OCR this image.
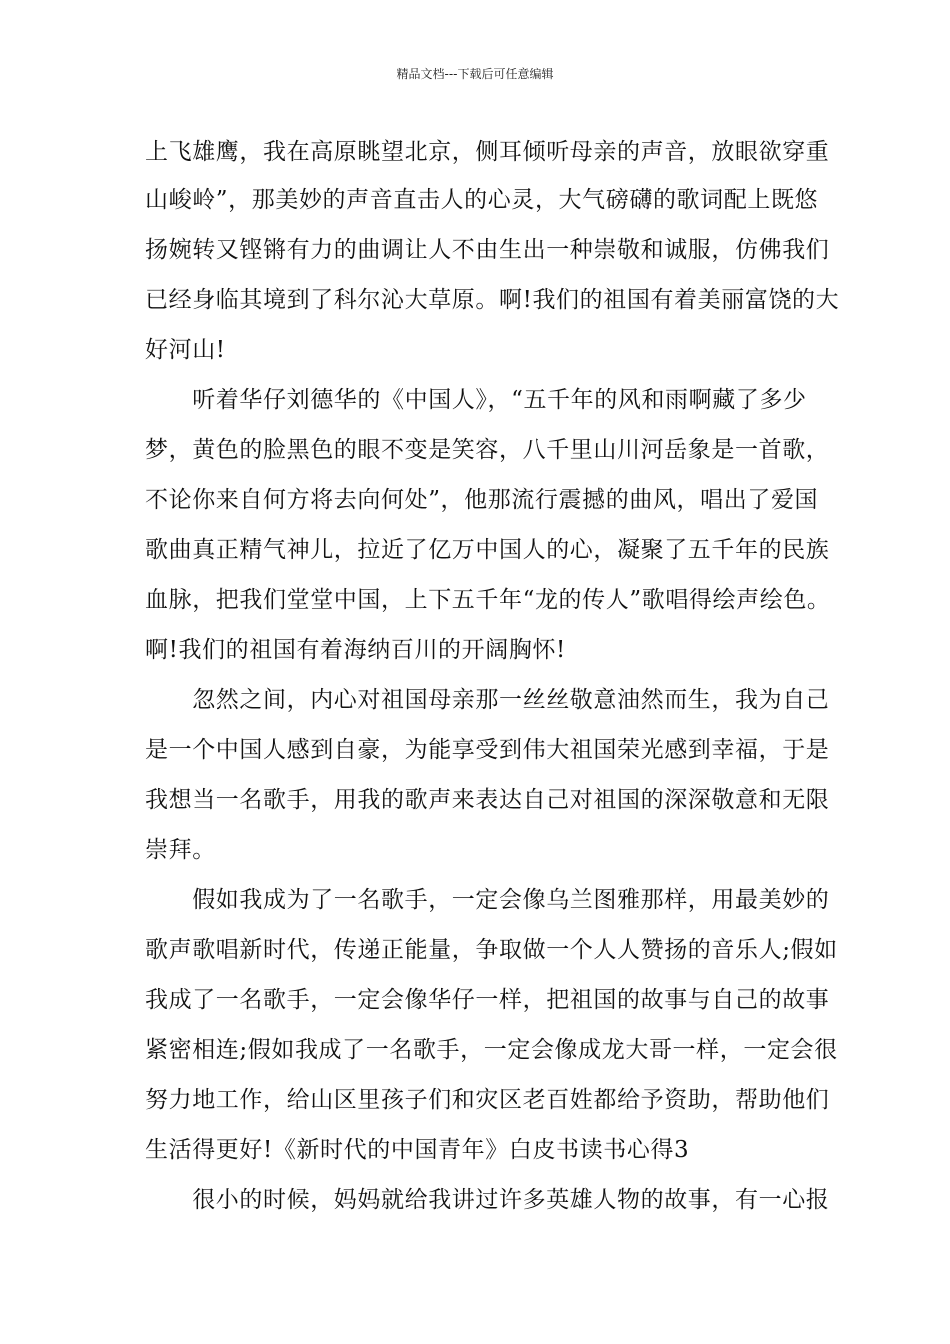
精品文档---下载后可任意编辑
上飞雄鹰，我在高原眺望北京，侧耳倾听母亲的声音，放眼欲穿重
山峻岭”，那美妙的声音直击人的心灵，大气磅礴的歌词配上既悠
扬婉转又铿锵有力的曲调让人不由生出一种崇敬和诚服，仿佛我们
已经身临其境到了科尔沁大草原。啊!我们的祖国有着美丽富饶的大
好河山!
　　听着华仔刘德华的《中国人》，“五千年的风和雨啊藏了多少
梦，黄色的脸黑色的眼不变是笑容，八千里山川河岳象是一首歌，
不论你来自何方将去向何处”，他那流行震撼的曲风，唱出了爱国
歌曲真正精气神儿，拉近了亿万中国人的心，凝聚了五千年的民族
血脉，把我们堂堂中国，上下五千年“龙的传人”歌唱得绘声绘色。
啊!我们的祖国有着海纳百川的开阔胸怀!
　　忽然之间，内心对祖国母亲那一丝丝敬意油然而生，我为自己
是一个中国人感到自豪，为能享受到伟大祖国荣光感到幸福，于是
我想当一名歌手，用我的歌声来表达自己对祖国的深深敬意和无限
崇拜。
　　假如我成为了一名歌手，一定会像乌兰图雅那样，用最美妙的
歌声歌唱新时代，传递正能量，争取做一个人人赞扬的音乐人;假如
我成了一名歌手，一定会像华仔一样，把祖国的故事与自己的故事
紧密相连;假如我成了一名歌手，一定会像成龙大哥一样，一定会很
努力地工作，给山区里孩子们和灾区老百姓都给予资助，帮助他们
生活得更好!《新时代的中国青年》白皮书读书心得3
　　很小的时候，妈妈就给我讲过许多英雄人物的故事，有一心报
